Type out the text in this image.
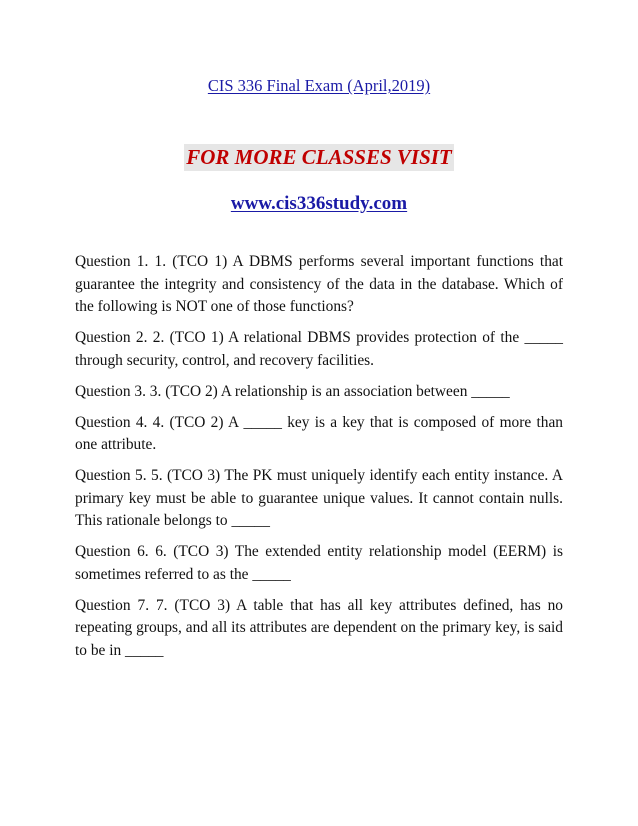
CIS 336 Final Exam (April,2019)
FOR MORE CLASSES VISIT
www.cis336study.com

Question 1. 1. (TCO 1) A DBMS performs several important functions that guarantee the integrity and consistency of the data in the database. Which of the following is NOT one of those functions?

Question 2. 2. (TCO 1) A relational DBMS provides protection of the _____ through security, control, and recovery facilities.

Question 3. 3. (TCO 2) A relationship is an association between _____

Question 4. 4. (TCO 2) A _____ key is a key that is composed of more than one attribute.

Question 5. 5. (TCO 3) The PK must uniquely identify each entity instance. A primary key must be able to guarantee unique values. It cannot contain nulls. This rationale belongs to _____

Question 6. 6. (TCO 3) The extended entity relationship model (EERM) is sometimes referred to as the _____

Question 7. 7. (TCO 3) A table that has all key attributes defined, has no repeating groups, and all its attributes are dependent on the primary key, is said to be in _____
